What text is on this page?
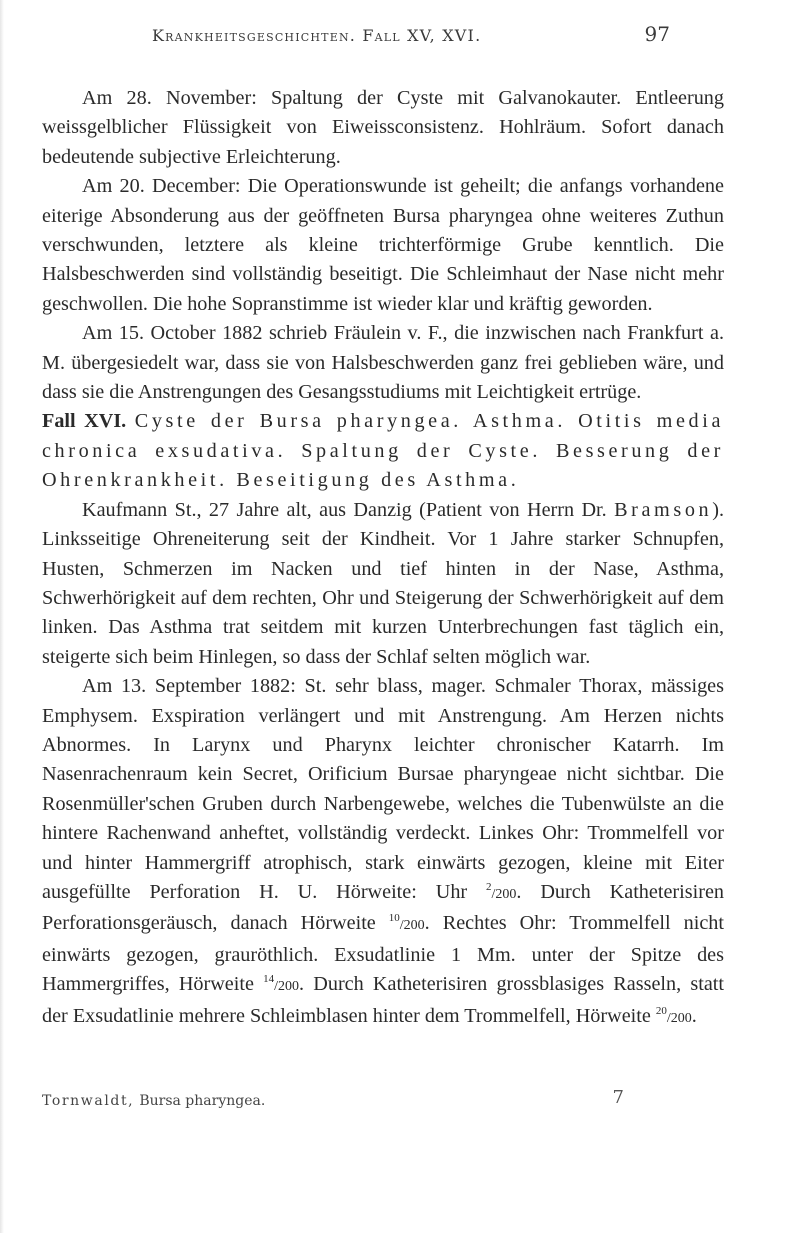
Krankheitsgeschichten. Fall XV, XVI.	97

Am 28. November: Spaltung der Cyste mit Galvanokauter. Entleerung weissgelblicher Flüssigkeit von Eiweissconsistenz. Hohlräum. Sofort danach bedeutende subjective Erleichterung.

Am 20. December: Die Operationswunde ist geheilt; die anfangs vorhandene eiterige Absonderung aus der geöffneten Bursa pharyngea ohne weiteres Zuthun verschwunden, letztere als kleine trichterförmige Grube kenntlich. Die Halsbeschwerden sind vollständig beseitigt. Die Schleimhaut der Nase nicht mehr geschwollen. Die hohe Sopranstimme ist wieder klar und kräftig geworden.

Am 15. October 1882 schrieb Fräulein v. F., die inzwischen nach Frankfurt a. M. übergesiedelt war, dass sie von Halsbeschwerden ganz frei geblieben wäre, und dass sie die Anstrengungen des Gesangsstudiums mit Leichtigkeit ertrüge.

Fall XVI. Cyste der Bursa pharyngea. Asthma. Otitis media chronica exsudativa. Spaltung der Cyste. Besserung der Ohrenkrankheit. Beseitigung des Asthma.

Kaufmann St., 27 Jahre alt, aus Danzig (Patient von Herrn Dr. Bramson). Linksseitige Ohreneiterung seit der Kindheit. Vor 1 Jahre starker Schnupfen, Husten, Schmerzen im Nacken und tief hinten in der Nase, Asthma, Schwerhörigkeit auf dem rechten, Ohr und Steigerung der Schwerhörigkeit auf dem linken. Das Asthma trat seitdem mit kurzen Unterbrechungen fast täglich ein, steigerte sich beim Hinlegen, so dass der Schlaf selten möglich war.

Am 13. September 1882: St. sehr blass, mager. Schmaler Thorax, mässiges Emphysem. Exspiration verlängert und mit Anstrengung. Am Herzen nichts Abnormes. In Larynx und Pharynx leichter chronischer Katarrh. Im Nasenrachenraum kein Secret, Orificium Bursae pharyngeae nicht sichtbar. Die Rosenmüller'schen Gruben durch Narbengewebe, welches die Tubenwülste an die hintere Rachenwand anheftet, vollständig verdeckt. Linkes Ohr: Trommelfell vor und hinter Hammergriff atrophisch, stark einwärts gezogen, kleine mit Eiter ausgefüllte Perforation H. U. Hörweite: Uhr $^2$/200. Durch Katheterisiren Perforationsgeräusch, danach Hörweite $^{10}$/200. Rechtes Ohr: Trommelfell nicht einwärts gezogen, grauröthlich. Exsudatlinie 1 Mm. unter der Spitze des Hammergriffes, Hörweite $^{14}$/200. Durch Katheterisiren grossblasiges Rasseln, statt der Exsudatlinie mehrere Schleimblasen hinter dem Trommelfell, Hörweite $^{20}$/200.

Tornwaldt, Bursa pharyngea.	7
